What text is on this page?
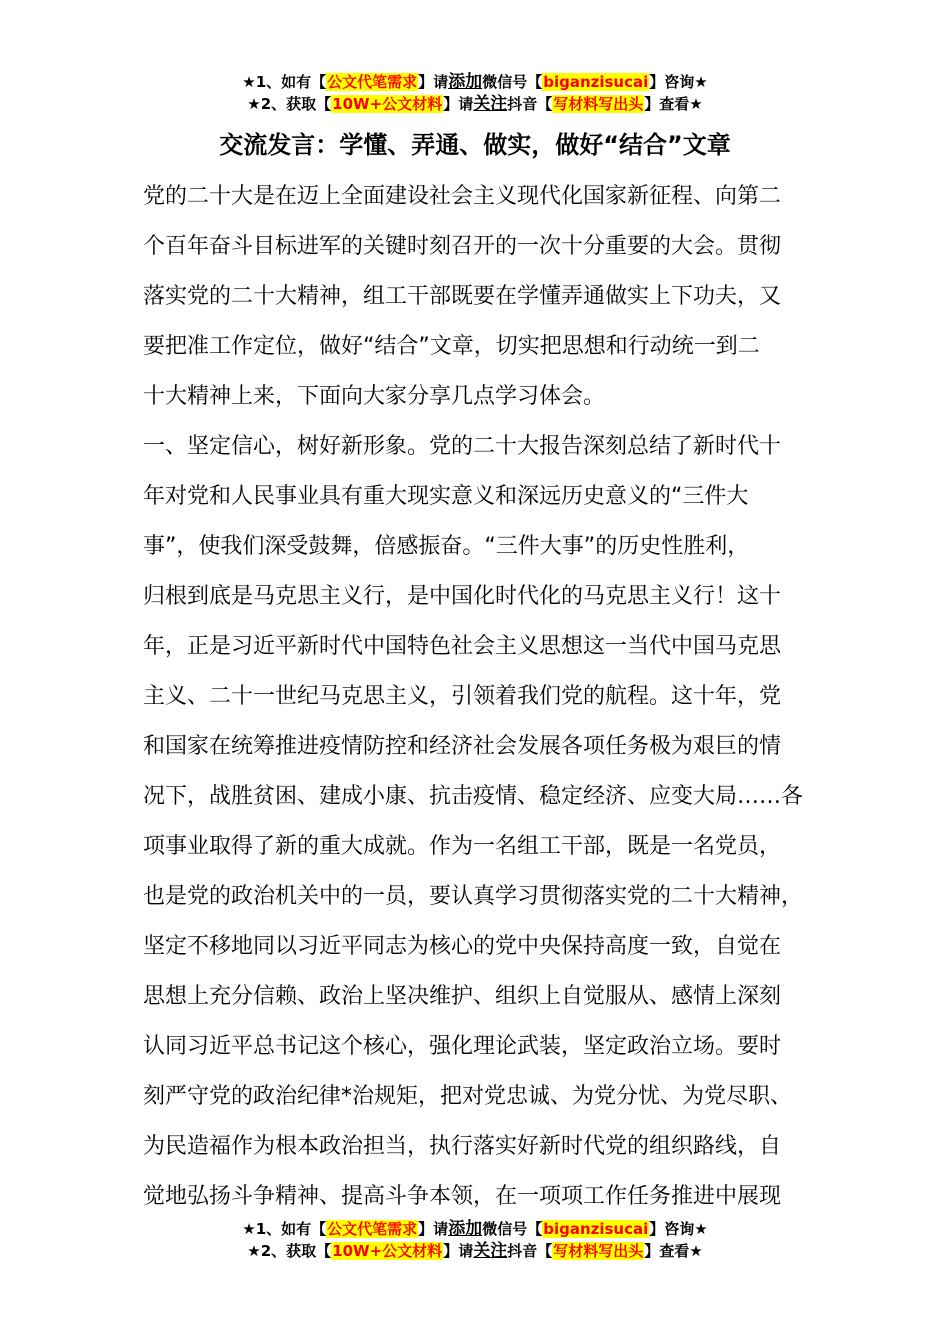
★1、如有【公文代笔需求】请添加微信号【biganzisucai】咨询★
★2、获取【10W+公文材料】请关注抖音【写材料写出头】查看★
交流发言：学懂、弄通、做实，做好“结合”文章
党的二十大是在迈上全面建设社会主义现代化国家新征程、向第二
个百年奋斗目标进军的关键时刻召开的一次十分重要的大会。贯彻
落实党的二十大精神，组工干部既要在学懂弄通做实上下功夫，又
要把准工作定位，做好“结合”文章，切实把思想和行动统一到二
十大精神上来，下面向大家分享几点学习体会。
一、坚定信心，树好新形象。党的二十大报告深刻总结了新时代十
年对党和人民事业具有重大现实意义和深远历史意义的“三件大
事”，使我们深受鼓舞，倍感振奋。“三件大事”的历史性胜利，
归根到底是马克思主义行，是中国化时代化的马克思主义行！这十
年，正是习近平新时代中国特色社会主义思想这一当代中国马克思
主义、二十一世纪马克思主义，引领着我们党的航程。这十年，党
和国家在统筹推进疫情防控和经济社会发展各项任务极为艰巨的情
况下，战胜贫困、建成小康、抗击疫情、稳定经济、应变大局……各
项事业取得了新的重大成就。作为一名组工干部，既是一名党员，
也是党的政治机关中的一员，要认真学习贯彻落实党的二十大精神，
坚定不移地同以习近平同志为核心的党中央保持高度一致，自觉在
思想上充分信赖、政治上坚决维护、组织上自觉服从、感情上深刻
认同习近平总书记这个核心，强化理论武装，坚定政治立场。要时
刻严守党的政治纪律*治规矩，把对党忠诚、为党分忧、为党尽职、
为民造福作为根本政治担当，执行落实好新时代党的组织路线，自
觉地弘扬斗争精神、提高斗争本领，在一项项工作任务推进中展现
★1、如有【公文代笔需求】请添加微信号【biganzisucai】咨询★
★2、获取【10W+公文材料】请关注抖音【写材料写出头】查看★
